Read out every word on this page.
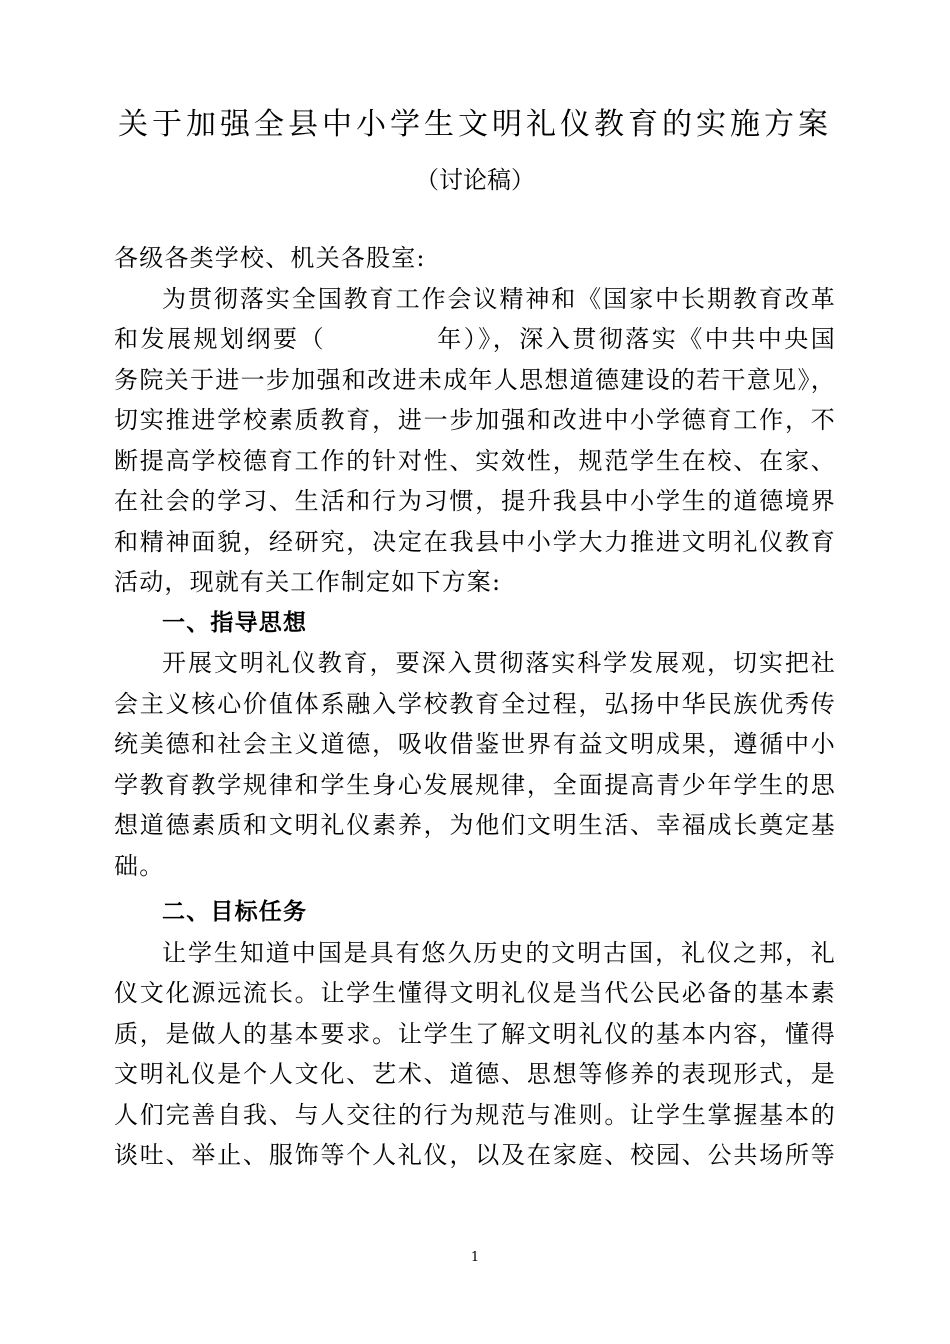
关于加强全县中小学生文明礼仪教育的实施方案

（讨论稿）

各级各类学校、机关各股室:
为贯彻落实全国教育工作会议精神和《国家中长期教育改革
和发展规划纲要（	年）》，深入贯彻落实《中共中央国
务院关于进一步加强和改进未成年人思想道德建设的若干意见》，
切实推进学校素质教育，进一步加强和改进中小学德育工作，不
断提高学校德育工作的针对性、实效性，规范学生在校、在家、
在社会的学习、生活和行为习惯，提升我县中小学生的道德境界
和精神面貌，经研究，决定在我县中小学大力推进文明礼仪教育
活动，现就有关工作制定如下方案:
一、指导思想
开展文明礼仪教育，要深入贯彻落实科学发展观，切实把社
会主义核心价值体系融入学校教育全过程，弘扬中华民族优秀传
统美德和社会主义道德，吸收借鉴世界有益文明成果，遵循中小
学教育教学规律和学生身心发展规律，全面提高青少年学生的思
想道德素质和文明礼仪素养，为他们文明生活、幸福成长奠定基
础。
二、目标任务
让学生知道中国是具有悠久历史的文明古国，礼仪之邦，礼
仪文化源远流长。让学生懂得文明礼仪是当代公民必备的基本素
质，是做人的基本要求。让学生了解文明礼仪的基本内容，懂得
文明礼仪是个人文化、艺术、道德、思想等修养的表现形式，是
人们完善自我、与人交往的行为规范与准则。让学生掌握基本的
谈吐、举止、服饰等个人礼仪，以及在家庭、校园、公共场所等
1
